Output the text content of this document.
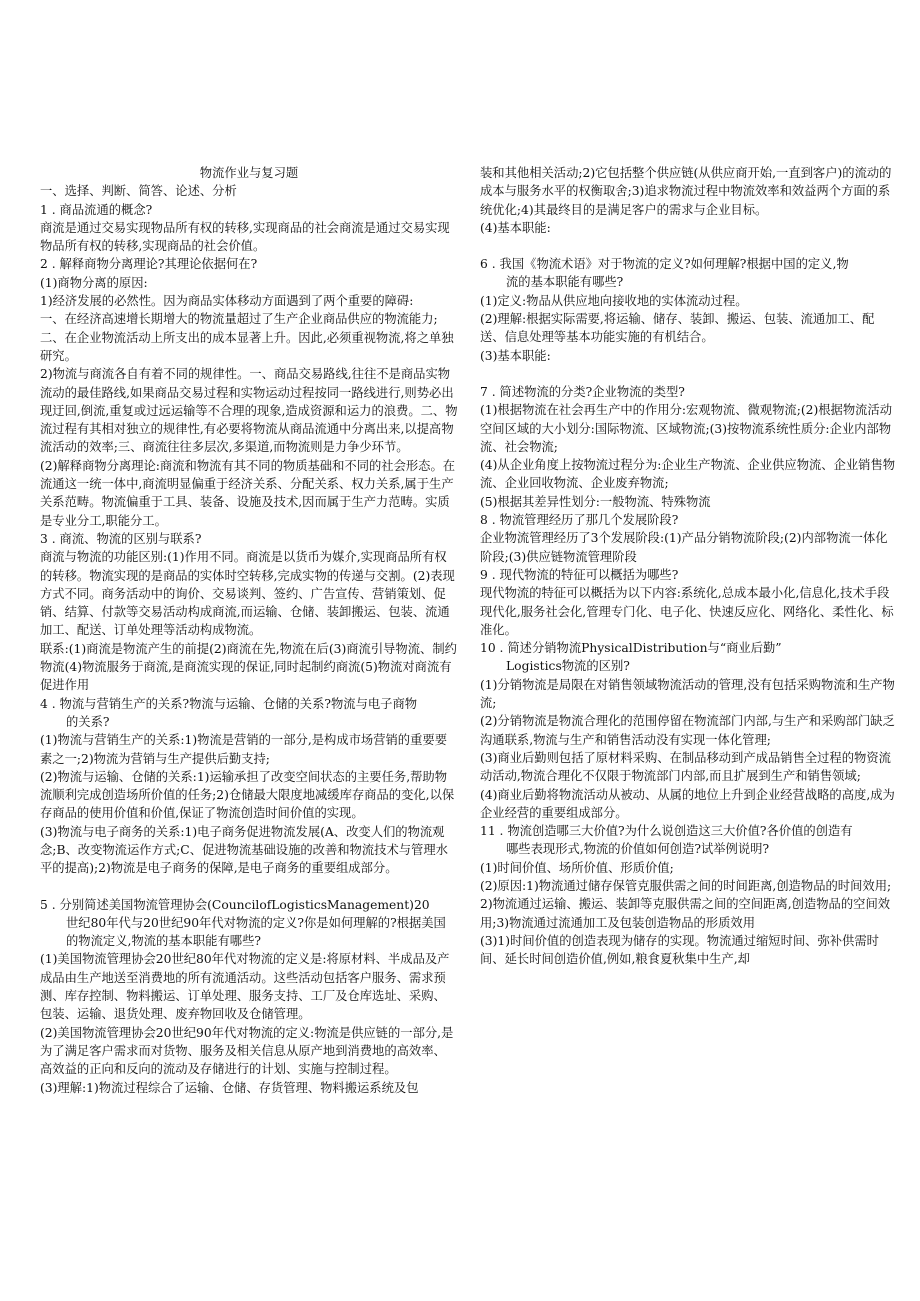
物流作业与复习题

一、选择、判断、简答、论述、分析

1 . 商品流通的概念?

商流是通过交易实现物品所有权的转移,实现商品的社会商流是通过交易实现物品所有权的转移,实现商品的社会价值。

2 . 解释商物分离理论?其理论依据何在?

(1)商物分离的原因:

1)经济发展的必然性。因为商品实体移动方面遇到了两个重要的障碍:

一、在经济高速增长期增大的物流量超过了生产企业商品供应的物流能力;

二、在企业物流活动上所支出的成本显著上升。因此,必须重视物流,将之单独研究。

2)物流与商流各自有着不同的规律性。一、商品交易路线,往往不是商品实物流动的最佳路线,如果商品交易过程和实物运动过程按同一路线进行,则势必出现迂回,倒流,重复或过远运输等不合理的现象,造成资源和运力的浪费。二、物流过程有其相对独立的规律性,有必要将物流从商品流通中分离出来,以提高物流活动的效率;三、商流往往多层次,多渠道,而物流则是力争少环节。

(2)解释商物分离理论:商流和物流有其不同的物质基础和不同的社会形态。在流通这一统一体中,商流明显偏重于经济关系、分配关系、权力关系,属于生产关系范畴。物流偏重于工具、装备、设施及技术,因而属于生产力范畴。实质是专业分工,职能分工。

3 . 商流、物流的区别与联系?

商流与物流的功能区别:(1)作用不同。商流是以货币为媒介,实现商品所有权的转移。物流实现的是商品的实体时空转移,完成实物的传递与交割。(2)表现方式不同。商务活动中的询价、交易谈判、签约、广告宣传、营销策划、促销、结算、付款等交易活动构成商流,而运输、仓储、装卸搬运、包装、流通加工、配送、订单处理等活动构成物流。

联系:(1)商流是物流产生的前提(2)商流在先,物流在后(3)商流引导物流、制约物流(4)物流服务于商流,是商流实现的保证,同时起制约商流(5)物流对商流有促进作用

4 . 物流与营销生产的关系?物流与运输、仓储的关系?物流与电子商物

的关系?

(1)物流与营销生产的关系:1)物流是营销的一部分,是构成市场营销的重要要素之一;2)物流为营销与生产提供后勤支持;

(2)物流与运输、仓储的关系:1)运输承担了改变空间状态的主要任务,帮助物流顺利完成创造场所价值的任务;2)仓储最大限度地减缓库存商品的变化,以保存商品的使用价值和价值,保证了物流创造时间价值的实现。

(3)物流与电子商务的关系:1)电子商务促进物流发展(A、改变人们的物流观念;B、改变物流运作方式;C、促进物流基础设施的改善和物流技术与管理水平的提高);2)物流是电子商务的保障,是电子商务的重要组成部分。

5 . 分别简述美国物流管理协会(CouncilofLogisticsManagement)20

世纪80年代与20世纪90年代对物流的定义?你是如何理解的?根据美国的物流定义,物流的基本职能有哪些?

(1)美国物流管理协会20世纪80年代对物流的定义是:将原材料、半成品及产成品由生产地送至消费地的所有流通活动。这些活动包括客户服务、需求预测、库存控制、物料搬运、订单处理、服务支持、工厂及仓库选址、采购、包装、运输、退货处理、废弃物回收及仓储管理。

(2)美国物流管理协会20世纪90年代对物流的定义:物流是供应链的一部分,是为了满足客户需求而对货物、服务及相关信息从原产地到消费地的高效率、高效益的正向和反向的流动及存储进行的计划、实施与控制过程。

(3)理解:1)物流过程综合了运输、仓储、存货管理、物料搬运系统及包

装和其他相关活动;2)它包括整个供应链(从供应商开始,一直到客户)的流动的成本与服务水平的权衡取舍;3)追求物流过程中物流效率和效益两个方面的系统优化;4)其最终目的是满足客户的需求与企业目标。

(4)基本职能:

6 . 我国《物流术语》对于物流的定义?如何理解?根据中国的定义,物

流的基本职能有哪些?

(1)定义:物品从供应地向接收地的实体流动过程。

(2)理解:根据实际需要,将运输、储存、装卸、搬运、包装、流通加工、配送、信息处理等基本功能实施的有机结合。

(3)基本职能:

7 . 简述物流的分类?企业物流的类型?

(1)根据物流在社会再生产中的作用分:宏观物流、微观物流;(2)根据物流活动空间区域的大小划分:国际物流、区域物流;(3)按物流系统性质分:企业内部物流、社会物流;

(4)从企业角度上按物流过程分为:企业生产物流、企业供应物流、企业销售物流、企业回收物流、企业废弃物流;

(5)根据其差异性划分:一般物流、特殊物流

8 . 物流管理经历了那几个发展阶段?

企业物流管理经历了3个发展阶段:(1)产品分销物流阶段;(2)内部物流一体化阶段;(3)供应链物流管理阶段

9 . 现代物流的特征可以概括为哪些?

现代物流的特征可以概括为以下内容:系统化,总成本最小化,信息化,技术手段现代化,服务社会化,管理专门化、电子化、快速反应化、网络化、柔性化、标准化。

10 . 简述分销物流PhysicalDistribution与“商业后勤”

Logistics物流的区别?

(1)分销物流是局限在对销售领域物流活动的管理,没有包括采购物流和生产物流;

(2)分销物流是物流合理化的范围停留在物流部门内部,与生产和采购部门缺乏沟通联系,物流与生产和销售活动没有实现一体化管理;

(3)商业后勤则包括了原材料采购、在制品移动到产成品销售全过程的物资流动活动,物流合理化不仅限于物流部门内部,而且扩展到生产和销售领域;

(4)商业后勤将物流活动从被动、从属的地位上升到企业经营战略的高度,成为企业经营的重要组成部分。

11 . 物流创造哪三大价值?为什么说创造这三大价值?各价值的创造有

哪些表现形式,物流的价值如何创造?试举例说明?

(1)时间价值、场所价值、形质价值;

(2)原因:1)物流通过储存保管克服供需之间的时间距离,创造物品的时间效用;2)物流通过运输、搬运、装卸等克服供需之间的空间距离,创造物品的空间效用;3)物流通过流通加工及包装创造物品的形质效用

(3)1)时间价值的创造表现为储存的实现。物流通过缩短时间、弥补供需时间、延长时间创造价值,例如,粮食夏秋集中生产,却
